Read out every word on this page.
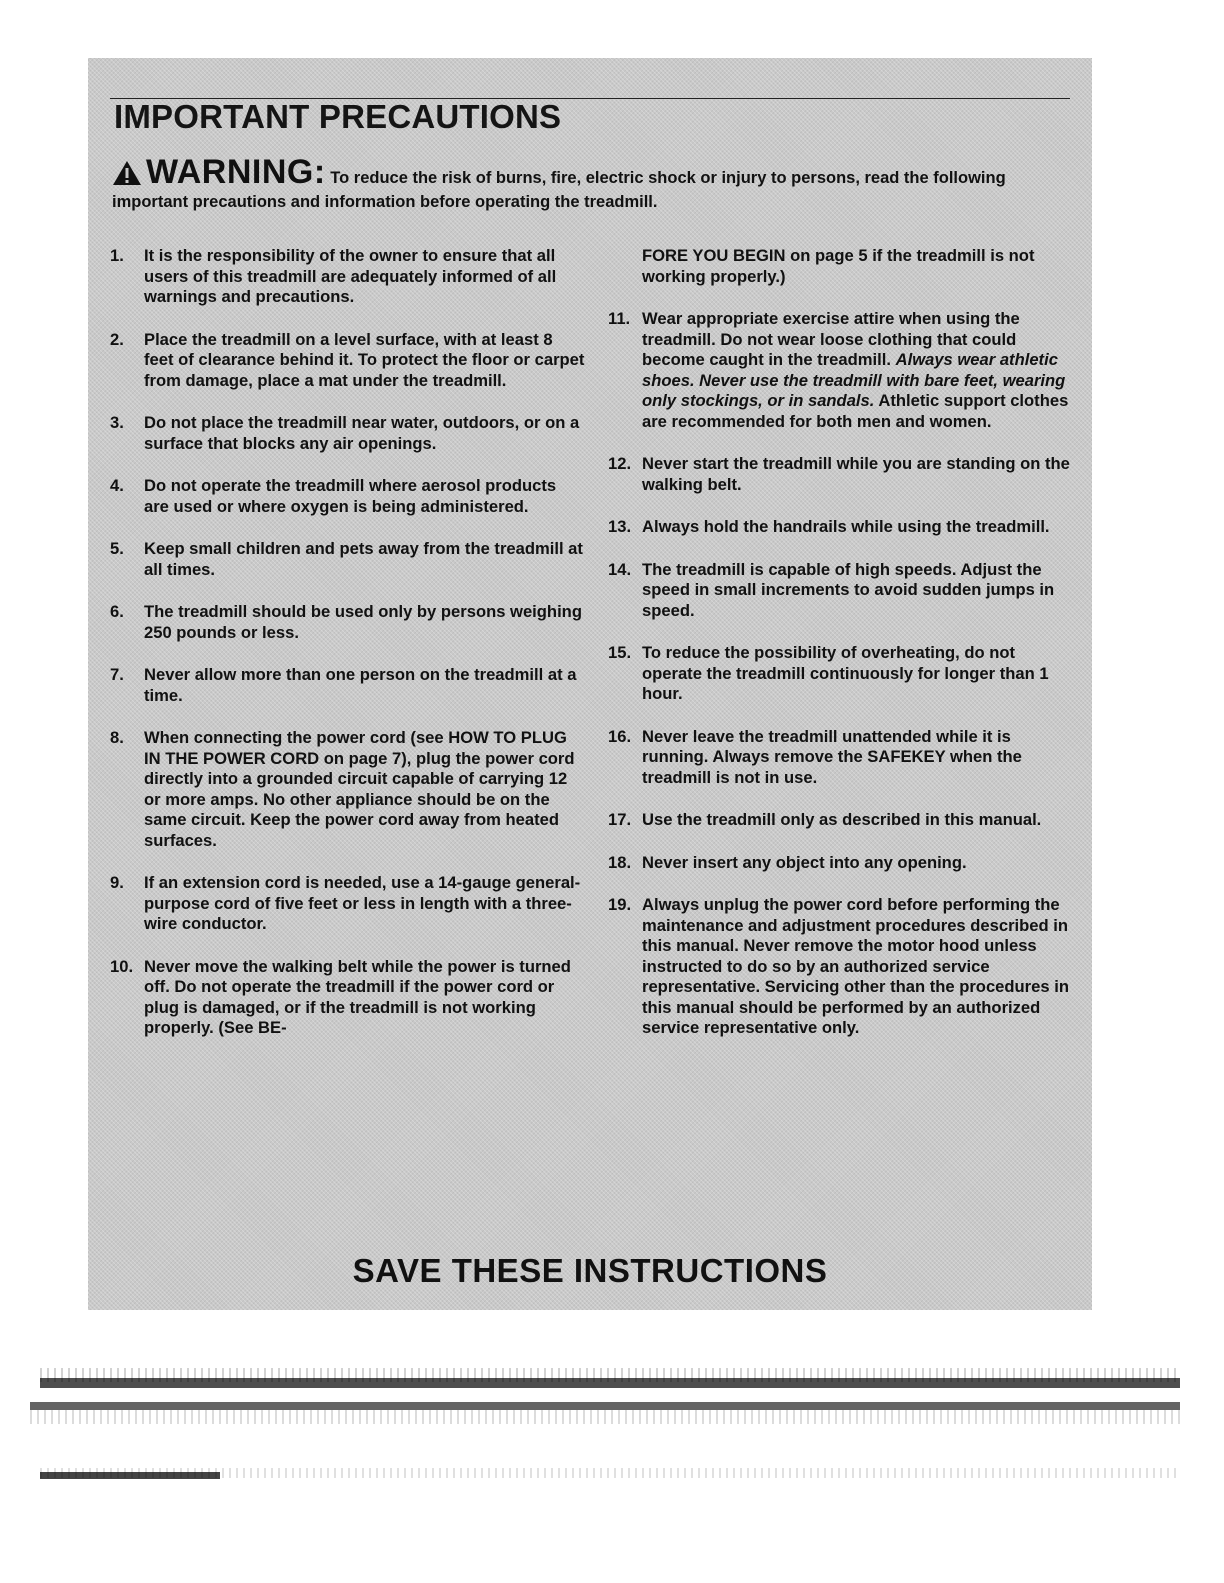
IMPORTANT PRECAUTIONS
WARNING: To reduce the risk of burns, fire, electric shock or injury to persons, read the following important precautions and information before operating the treadmill.
1.	It is the responsibility of the owner to ensure that all users of this treadmill are adequately informed of all warnings and precautions.
2.	Place the treadmill on a level surface, with at least 8 feet of clearance behind it. To protect the floor or carpet from damage, place a mat under the treadmill.
3.	Do not place the treadmill near water, outdoors, or on a surface that blocks any air openings.
4.	Do not operate the treadmill where aerosol products are used or where oxygen is being administered.
5.	Keep small children and pets away from the treadmill at all times.
6.	The treadmill should be used only by persons weighing 250 pounds or less.
7.	Never allow more than one person on the treadmill at a time.
8.	When connecting the power cord (see HOW TO PLUG IN THE POWER CORD on page 7), plug the power cord directly into a grounded circuit capable of carrying 12 or more amps. No other appliance should be on the same circuit. Keep the power cord away from heated surfaces.
9.	If an extension cord is needed, use a 14-gauge general-purpose cord of five feet or less in length with a three-wire conductor.
10. Never move the walking belt while the power is turned off. Do not operate the treadmill if the power cord or plug is damaged, or if the treadmill is not working properly. (See BE-
FORE YOU BEGIN on page 5 if the treadmill is not working properly.)
11. Wear appropriate exercise attire when using the treadmill. Do not wear loose clothing that could become caught in the treadmill. Always wear athletic shoes. Never use the treadmill with bare feet, wearing only stockings, or in sandals. Athletic support clothes are recommended for both men and women.
12. Never start the treadmill while you are standing on the walking belt.
13. Always hold the handrails while using the treadmill.
14. The treadmill is capable of high speeds. Adjust the speed in small increments to avoid sudden jumps in speed.
15. To reduce the possibility of overheating, do not operate the treadmill continuously for longer than 1 hour.
16. Never leave the treadmill unattended while it is running. Always remove the SAFEKEY when the treadmill is not in use.
17. Use the treadmill only as described in this manual.
18. Never insert any object into any opening.
19. Always unplug the power cord before performing the maintenance and adjustment procedures described in this manual. Never remove the motor hood unless instructed to do so by an authorized service representative. Servicing other than the procedures in this manual should be performed by an authorized service representative only.
SAVE THESE INSTRUCTIONS
